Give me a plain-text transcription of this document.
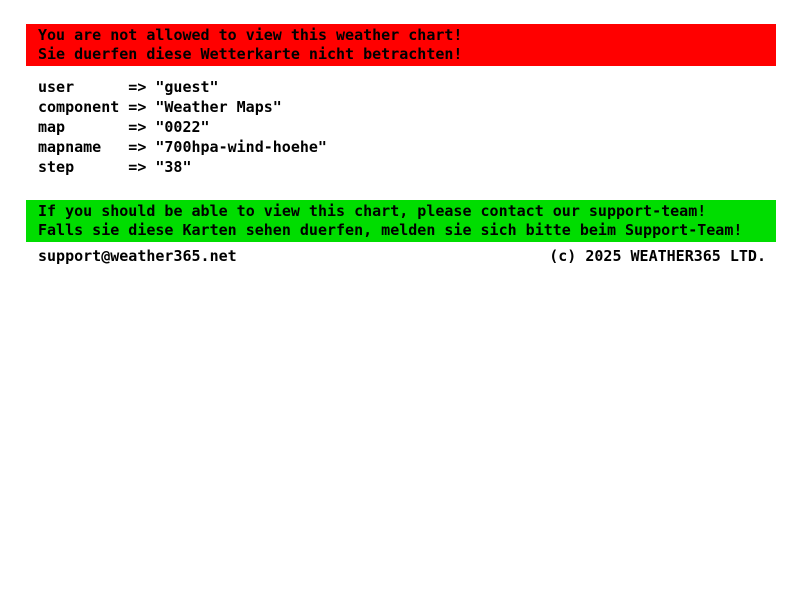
You are not allowed to view this weather chart!
Sie duerfen diese Wetterkarte nicht betrachten!
user	=> "guest"
component => "Weather Maps"
map	=> "0022"
mapname => "700hpa-wind-hoehe"
step	=> "38"
If you should be able to view this chart, please contact our support-team!
Falls sie diese Karten sehen duerfen, melden sie sich bitte beim Support-Team!
support@weather365.net	(c) 2025 WEATHER365 LTD.
